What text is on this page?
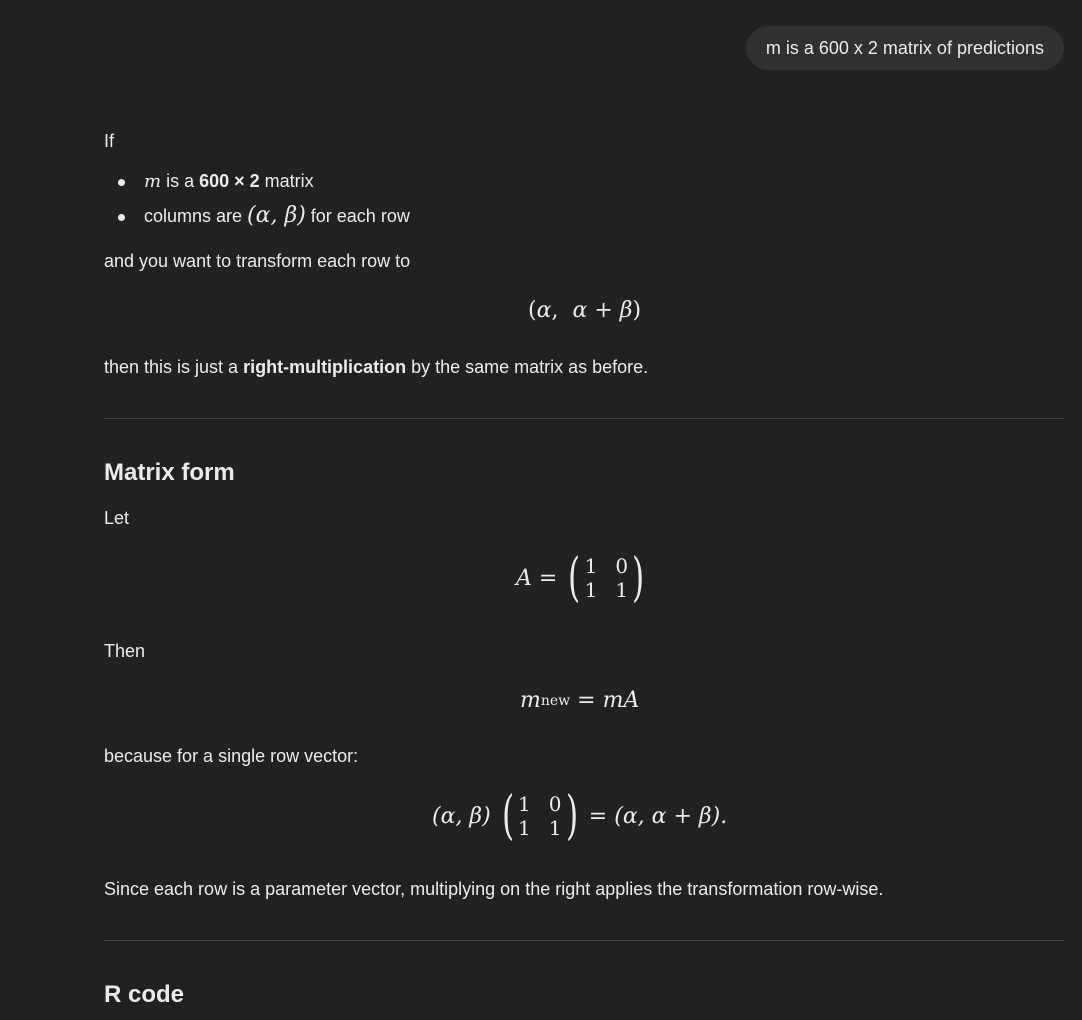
m is a 600 x 2 matrix of predictions
If
m is a 600 × 2 matrix
columns are (α, β) for each row
and you want to transform each row to
( α ,
α
+
β )
then this is just a right-multiplication by the same matrix as before.
Matrix form
Let
A
=
( 1 0
1 1 )
Then
m new
=
mA
because for a single row vector:
(α, β)
( 1 0
1 1 )
=
(α, α + β).
Since each row is a parameter vector, multiplying on the right applies the transformation row-wise.
R code
